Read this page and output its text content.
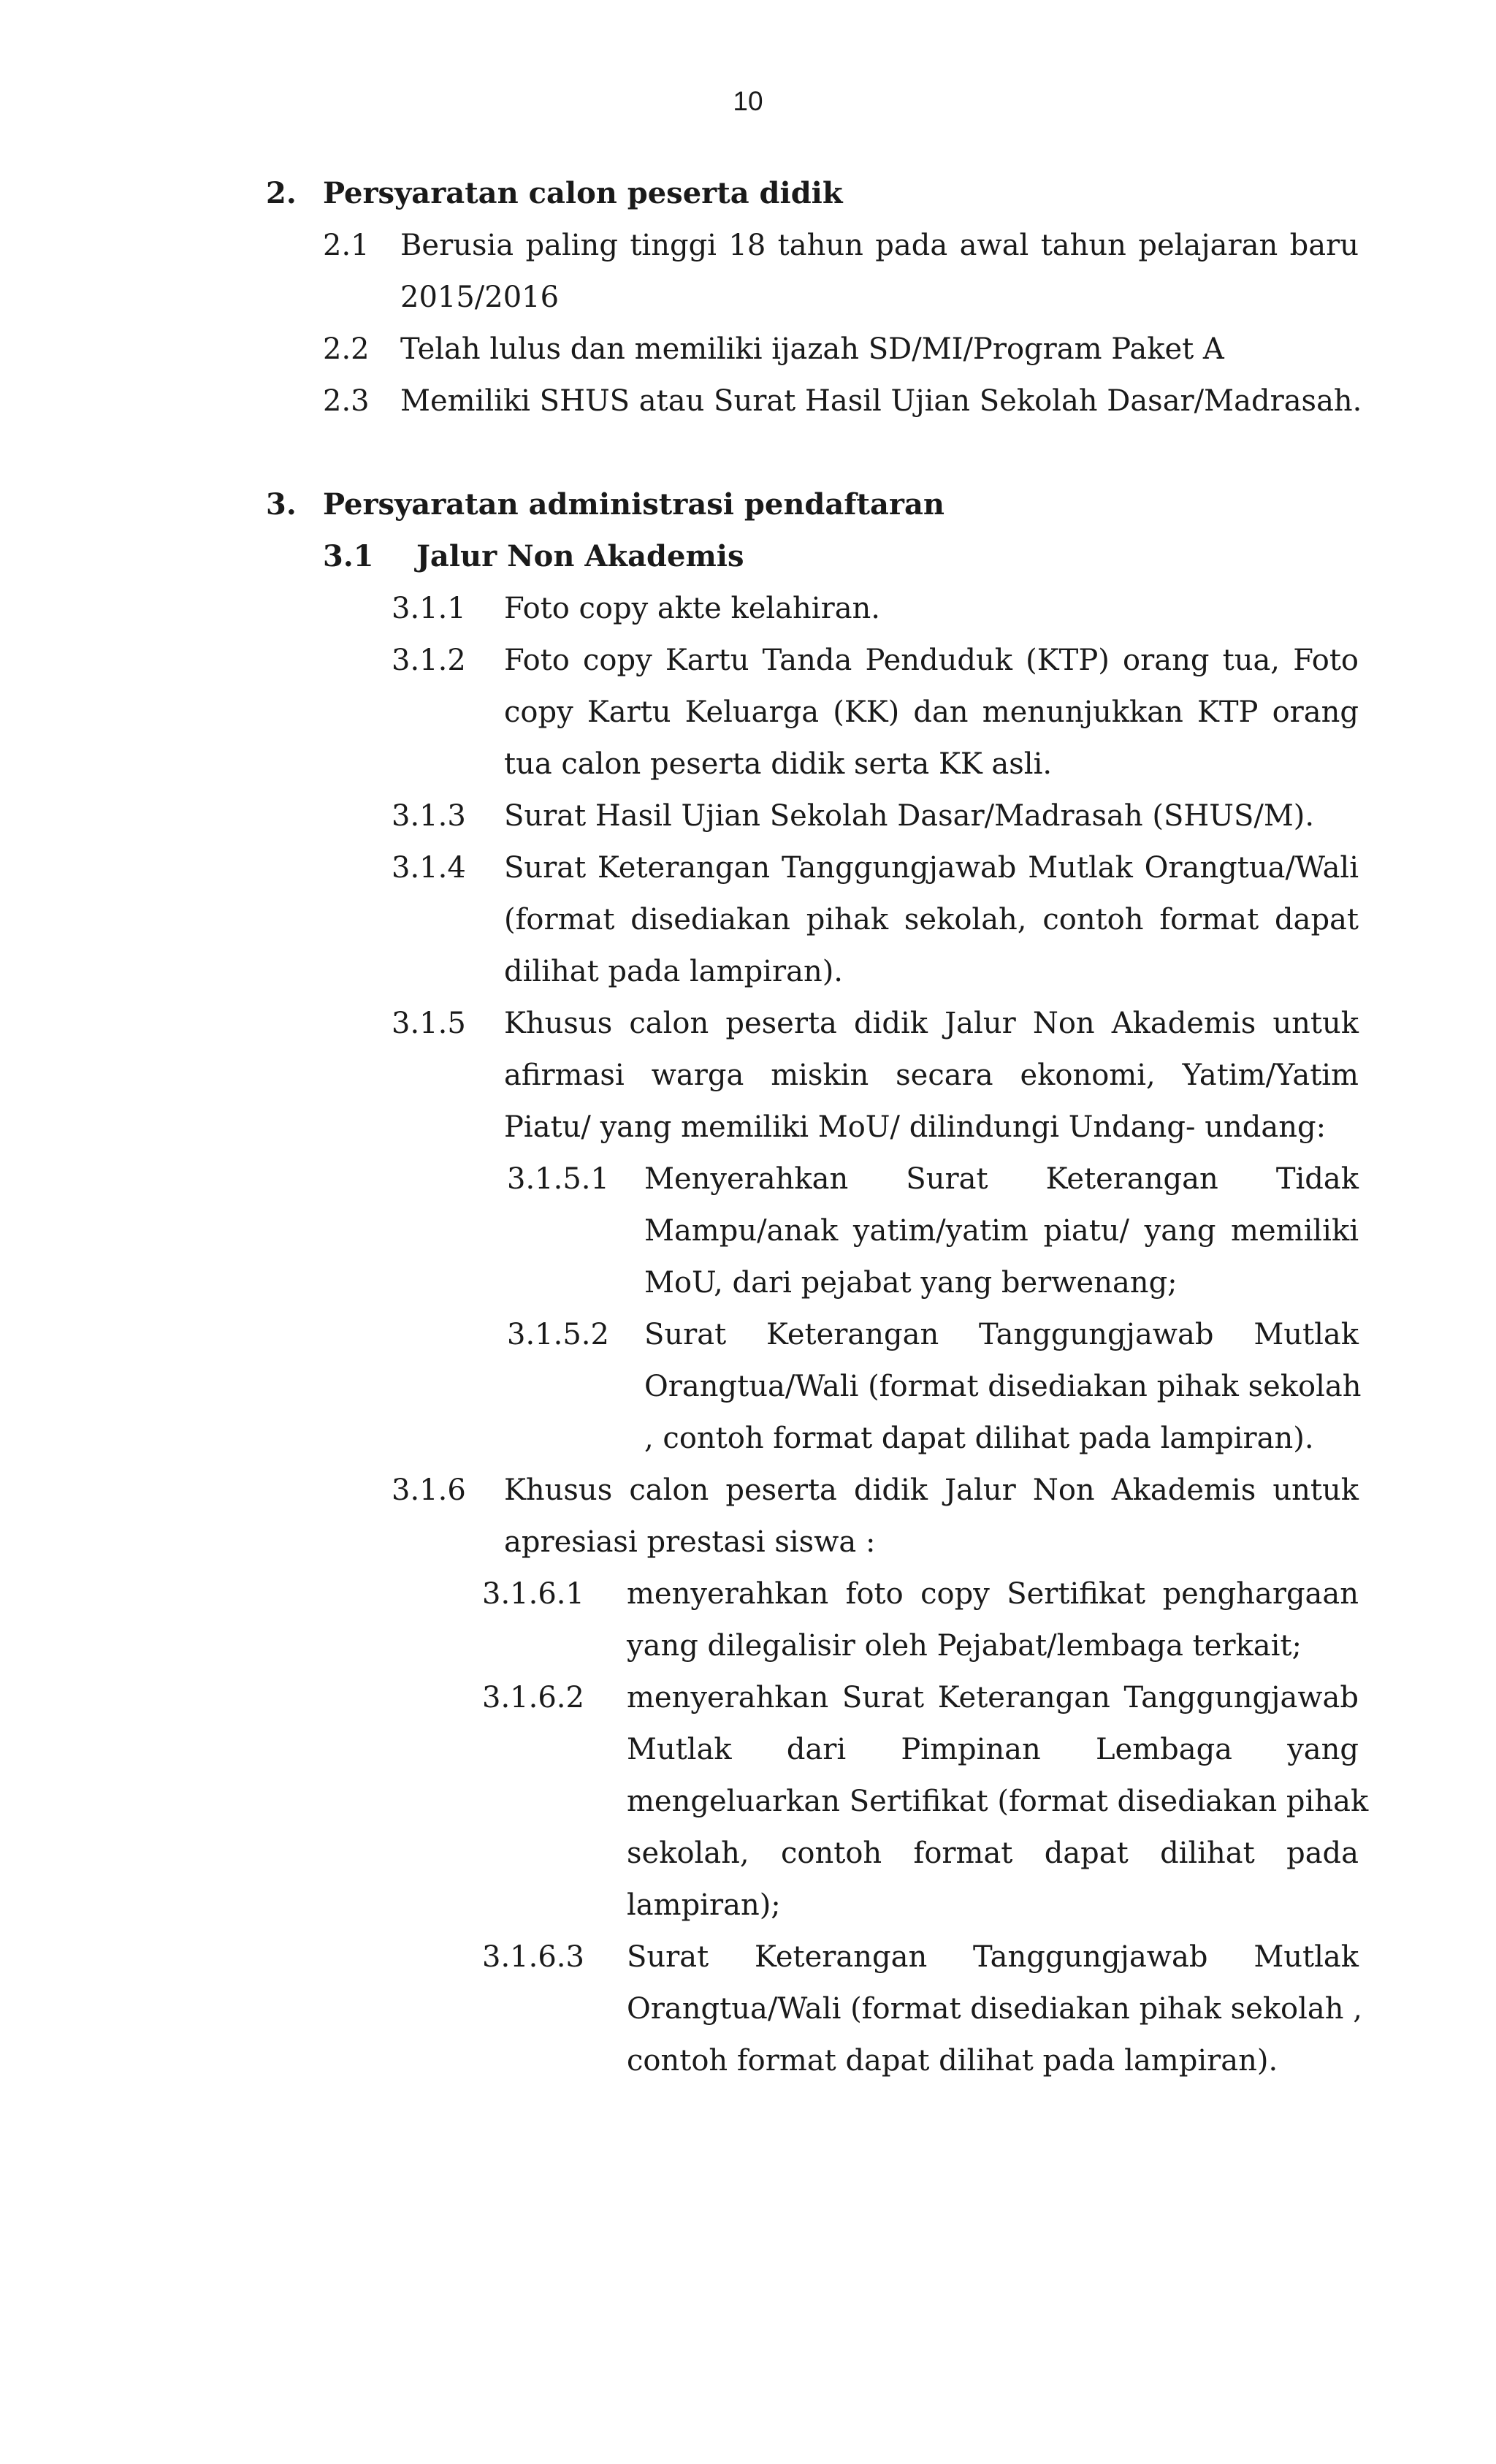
10
2. Persyaratan calon peserta didik
2.1 Berusia paling tinggi 18 tahun pada awal tahun pelajaran baru
2015/2016
2.2 Telah lulus dan memiliki ijazah SD/MI/Program Paket A
2.3 Memiliki SHUS atau Surat Hasil Ujian Sekolah Dasar/Madrasah.
3. Persyaratan administrasi pendaftaran
3.1 Jalur Non Akademis
3.1.1 Foto copy akte kelahiran.
3.1.2 Foto copy Kartu Tanda Penduduk (KTP) orang tua, Foto
copy Kartu Keluarga (KK) dan menunjukkan KTP orang
tua calon peserta didik serta KK asli.
3.1.3 Surat Hasil Ujian Sekolah Dasar/Madrasah (SHUS/M).
3.1.4 Surat Keterangan Tanggungjawab Mutlak Orangtua/Wali
(format disediakan pihak sekolah, contoh format dapat
dilihat pada lampiran).
3.1.5 Khusus calon peserta didik Jalur Non Akademis untuk
afirmasi warga miskin secara ekonomi, Yatim/Yatim
Piatu/ yang memiliki MoU/ dilindungi Undang- undang:
3.1.5.1 Menyerahkan Surat Keterangan Tidak
Mampu/anak yatim/yatim piatu/ yang memiliki
MoU, dari pejabat yang berwenang;
3.1.5.2 Surat Keterangan Tanggungjawab Mutlak
Orangtua/Wali (format disediakan pihak sekolah
, contoh format dapat dilihat pada lampiran).
3.1.6 Khusus calon peserta didik Jalur Non Akademis untuk
apresiasi prestasi siswa :
3.1.6.1 menyerahkan foto copy Sertifikat penghargaan
yang dilegalisir oleh Pejabat/lembaga terkait;
3.1.6.2 menyerahkan Surat Keterangan Tanggungjawab
Mutlak dari Pimpinan Lembaga yang
mengeluarkan Sertifikat (format disediakan pihak
sekolah, contoh format dapat dilihat pada
lampiran);
3.1.6.3 Surat Keterangan Tanggungjawab Mutlak
Orangtua/Wali (format disediakan pihak sekolah ,
contoh format dapat dilihat pada lampiran).
